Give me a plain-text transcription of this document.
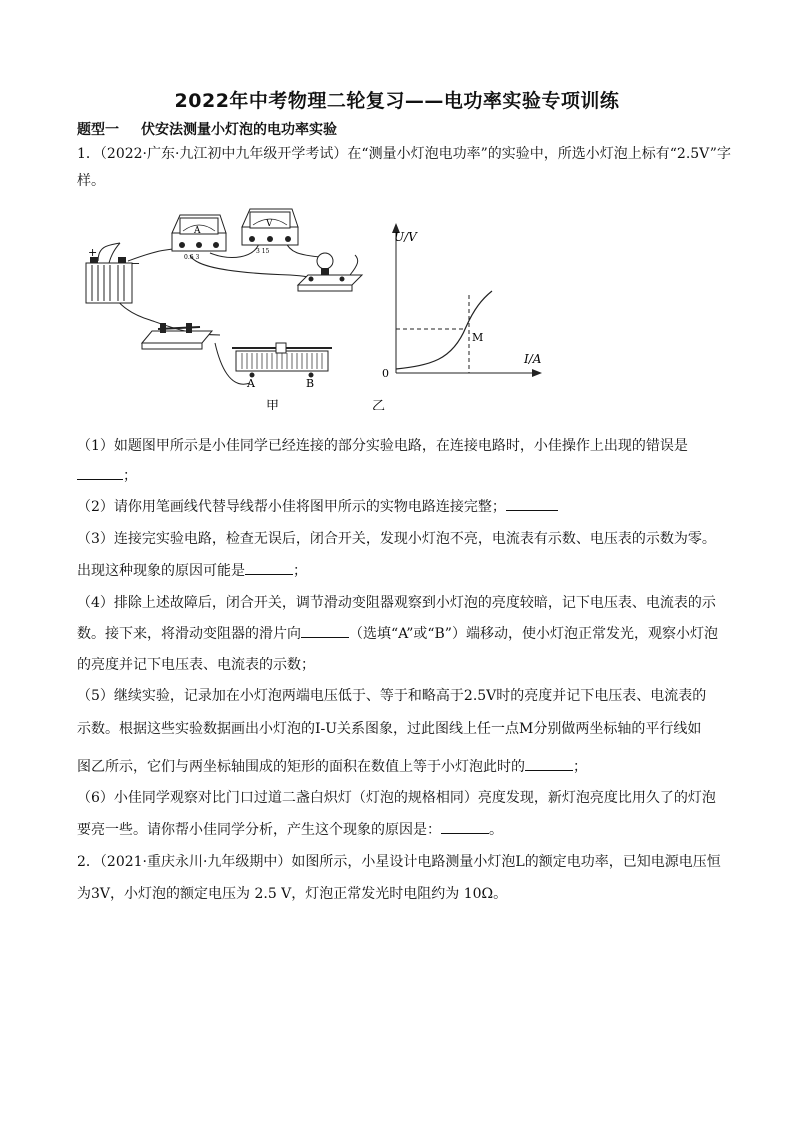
2022年中考物理二轮复习——电功率实验专项训练
题型一 伏安法测量小灯泡的电功率实验
1．（2022·广东·九江初中九年级开学考试）在“测量小灯泡电功率”的实验中，所选小灯泡上标有“2.5V”字
样。
+
−
A
0.6 3
V
3 15
A	B
甲
U/V
I/A
0
M
乙
（1）如题图甲所示是小佳同学已经连接的部分实验电路，在连接电路时，小佳操作上出现的错误是
；
（2）请你用笔画线代替导线帮小佳将图甲所示的实物电路连接完整；
（3）连接完实验电路，检查无误后，闭合开关，发现小灯泡不亮，电流表有示数、电压表的示数为零。
出现这种现象的原因可能是	；
（4）排除上述故障后，闭合开关，调节滑动变阻器观察到小灯泡的亮度较暗，记下电压表、电流表的示
数。接下来，将滑动变阻器的滑片向	（选填“A”或“B”）端移动，使小灯泡正常发光，观察小灯泡
的亮度并记下电压表、电流表的示数；
（5）继续实验，记录加在小灯泡两端电压低于、等于和略高于2.5V时的亮度并记下电压表、电流表的
示数。根据这些实验数据画出小灯泡的I-U关系图象，过此图线上任一点M分别做两坐标轴的平行线如
图乙所示，它们与两坐标轴围成的矩形的面积在数值上等于小灯泡此时的	；
（6）小佳同学观察对比门口过道二盏白炽灯（灯泡的规格相同）亮度发现，新灯泡亮度比用久了的灯泡
要亮一些。请你帮小佳同学分析，产生这个现象的原因是：	。
2．（2021·重庆永川·九年级期中）如图所示，小星设计电路测量小灯泡L的额定电功率，已知电源电压恒
为3V，小灯泡的额定电压为 2.5 V，灯泡正常发光时电阻约为 10Ω。
